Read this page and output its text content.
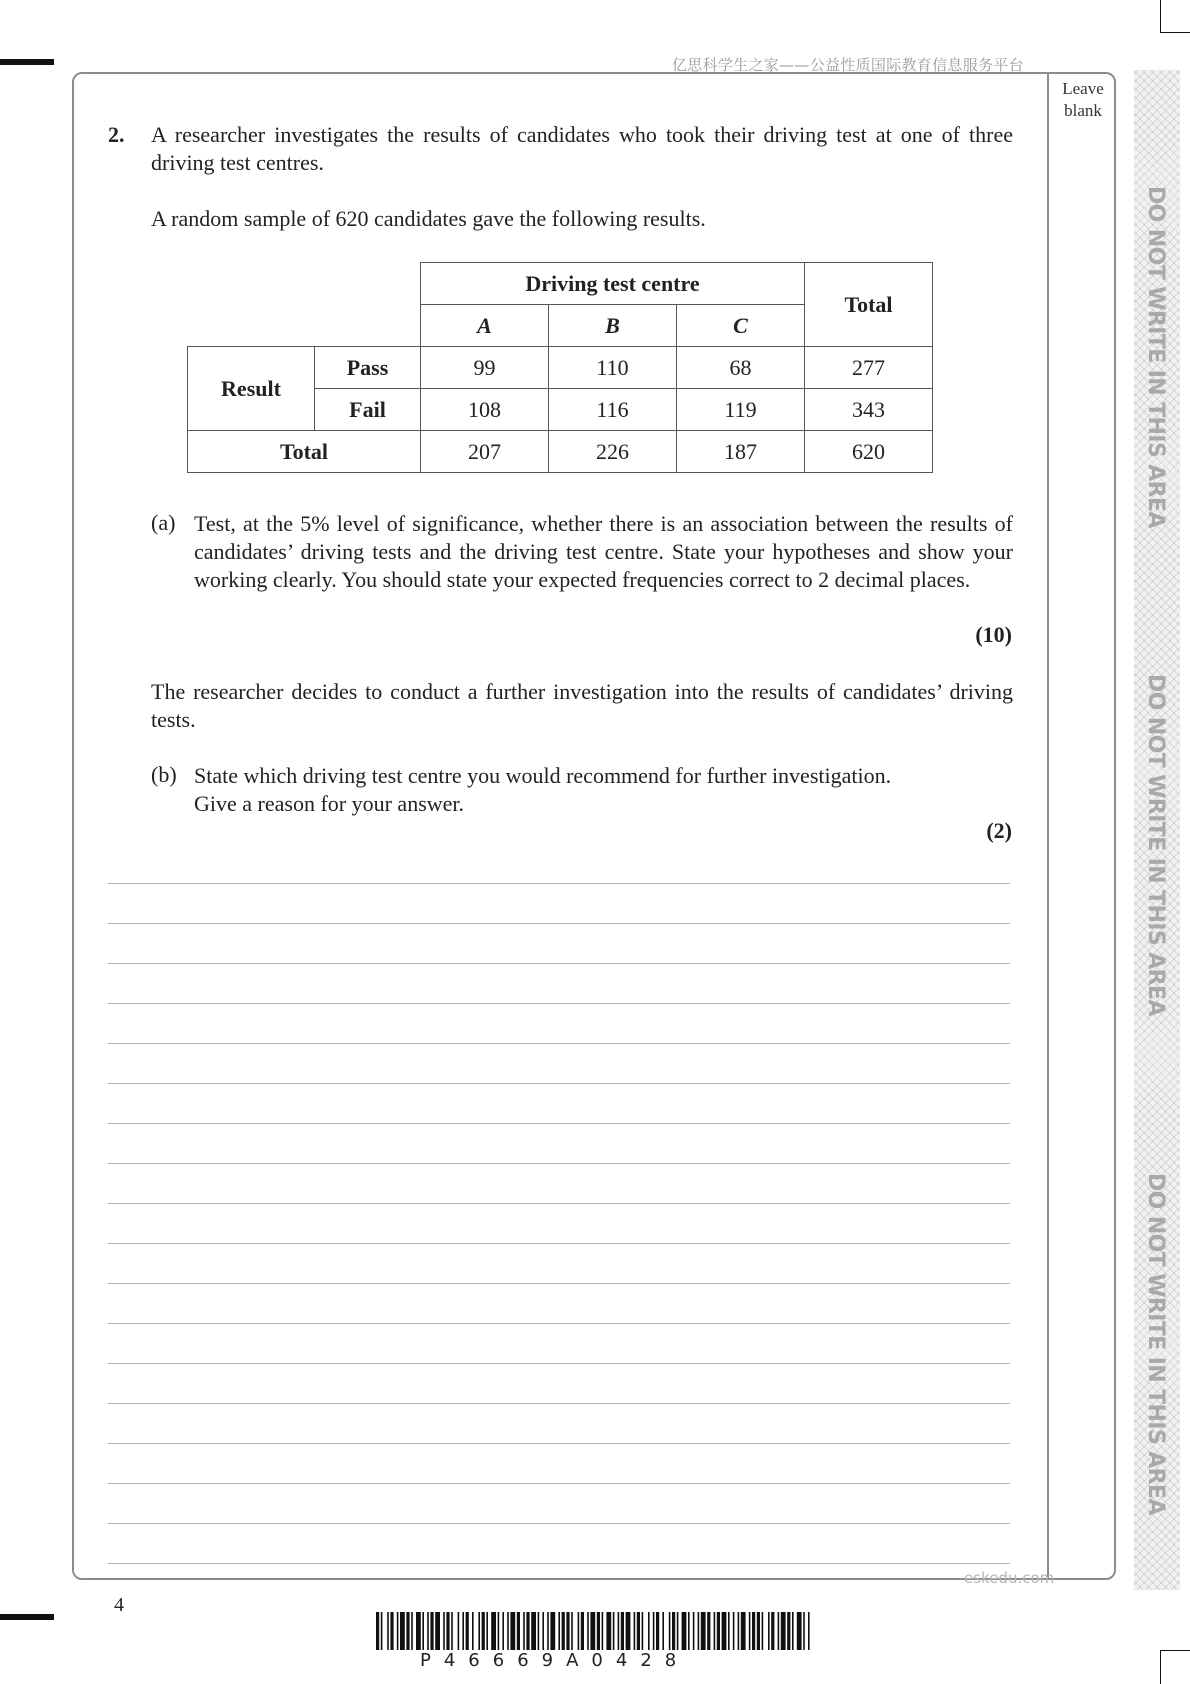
亿思科学生之家——公益性质国际教育信息服务平台
Leave blank
DO NOT WRITE IN THIS AREA
DO NOT WRITE IN THIS AREA
DO NOT WRITE IN THIS AREA
2. A researcher investigates the results of candidates who took their driving test at one of three driving test centres.

A random sample of 620 candidates gave the following results.

		Driving test centre			Total
		A	B	C	
Result	Pass	99	110	68	277
	Fail	108	116	119	343
Total		207	226	187	620
(a) Test, at the 5% level of significance, whether there is an association between the results of candidates’ driving tests and the driving test centre. State your hypotheses and show your working clearly. You should state your expected frequencies correct to 2 decimal places.

(10)

The researcher decides to conduct a further investigation into the results of candidates’ driving tests.

(b) State which driving test centre you would recommend for further investigation.
Give a reason for your answer.
(2)
eskedu.com
4
P46669A0428
